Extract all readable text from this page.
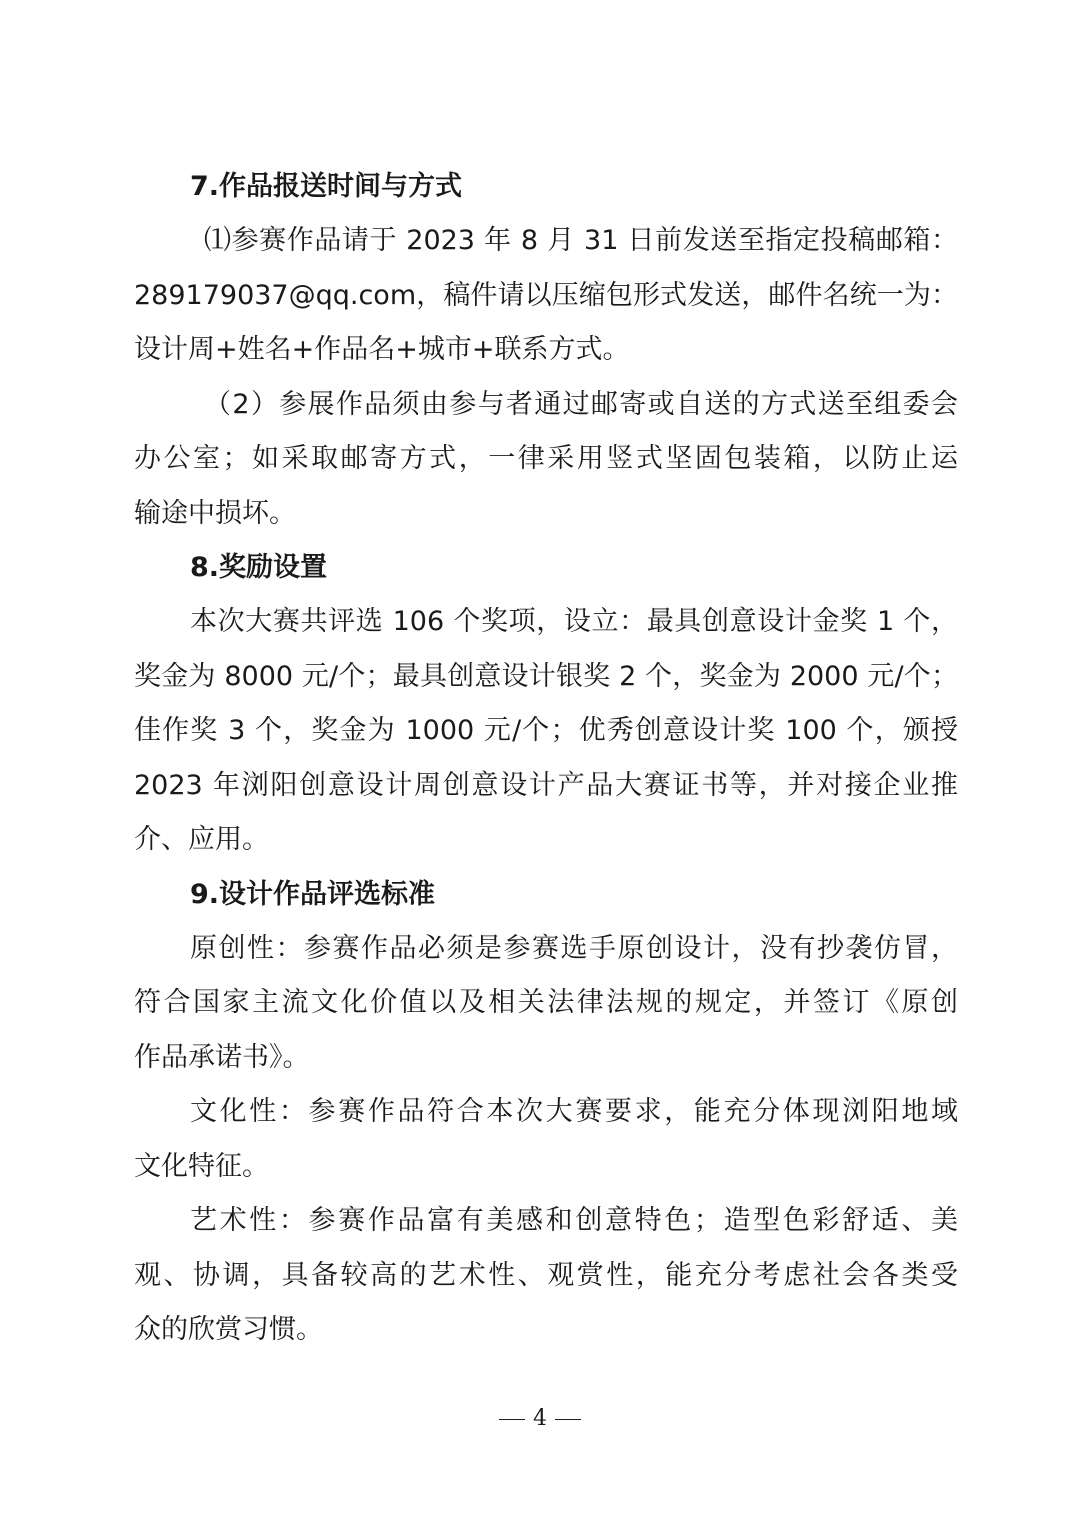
7.作品报送时间与方式

⑴参赛作品请于 2023 年 8 月 31 日前发送至指定投稿邮箱：
289179037@qq.com，稿件请以压缩包形式发送，邮件名统一为：
设计周+姓名+作品名+城市+联系方式。

（2）参展作品须由参与者通过邮寄或自送的方式送至组委会
办公室；如采取邮寄方式，一律采用竖式坚固包装箱，以防止运
输途中损坏。

8.奖励设置

本次大赛共评选 106 个奖项，设立：最具创意设计金奖 1 个，
奖金为 8000 元/个；最具创意设计银奖 2 个，奖金为 2000 元/个；
佳作奖 3 个，奖金为 1000 元/个；优秀创意设计奖 100 个，颁授
2023 年浏阳创意设计周创意设计产品大赛证书等，并对接企业推
介、应用。

9.设计作品评选标准

原创性：参赛作品必须是参赛选手原创设计，没有抄袭仿冒，
符合国家主流文化价值以及相关法律法规的规定，并签订《原创
作品承诺书》。

文化性：参赛作品符合本次大赛要求，能充分体现浏阳地域
文化特征。

艺术性：参赛作品富有美感和创意特色；造型色彩舒适、美
观、协调，具备较高的艺术性、观赏性，能充分考虑社会各类受
众的欣赏习惯。

4
